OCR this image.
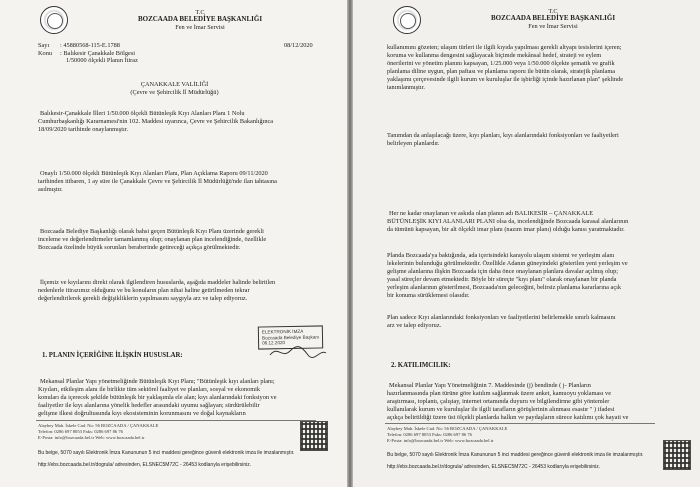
T.C
BOZCAADA BELEDİYE BAŞKANLIĞI
Fen ve İmar Servisi
Sayı : 45880568-115-E.1788	08/12/2020
Konu : Balıkesir Çanakkale Bölgesi
1/50000 ölçekli Planın İtiraz
ÇANAKKALE VALİLİĞİ
(Çevre ve Şehircilik İl Müdürlüğü)
Balıkesir-Çanakkale İlleri 1/50.000 ölçekli Bütünleşik Kıyı Alanları Planı 1 Nolu
Cumhurbaşkanlığı Kararnamesi'nin 102. Maddesi uyarınca, Çevre ve Şehircilik Bakanlığınca
18/09/2020 tarihinde onaylanmıştır.
Onaylı 1/50.000 ölçekli Bütünleşik Kıyı Alanları Planı, Plan Açıklama Raporu 09/11/2020
tarihinden itibaren, 1 ay süre ile Çanakkale Çevre ve Şehircilik İl Müdürlüğü'nde ilan tahtasına
asılmıştır.
Bozcaada Belediye Başkanlığı olarak bahsi geçen Bütünleşik Kıyı Planı üzerinde gerekli
inceleme ve değerlendirmeler tamamlanmış olup; onaylanan plan incelendiğinde, özellikle
Bozcaada özelinde büyük sorunları beraberinde getireceği açıkça görülmektedir.
İlçemiz ve kıyılarını direkt olarak ilgilendiren hususlarda, aşağıda maddeler halinde belirtilen
nedenlerle itirazımız olduğunu ve bu konuların plan nihai haline getirilmeden tekrar
değerlendirilerek gerekli değişikliklerin yapılmasını saygıyla arz ve talep ediyoruz.
ELEKTRONİK İMZA
Bozcaada Belediye Başkanı
08.12.2020
1. PLANIN İÇERİĞİNE İLİŞKİN HUSUSLAR:
Mekansal Planlar Yapı yönetmeliğinde Bütünleşik Kıyı Planı; "Bütünleşik kıyı alanları planı;
Kıyıları, etkileşim alanı ile birlikte tüm sektörel faaliyet ve planları, sosyal ve ekonomik
konuları da içerecek şekilde bütünleşik bir yaklaşımla ele alan; kıyı alanlarındaki fonksiyon ve
faaliyetler ile kıyı alanlarına yönelik hedefler arasındaki uyumu sağlayan; sürdürülebilir
gelişme ilkesi doğrultusunda kıyı ekosisteminin korunmasını ve doğal kaynakların
Alaybey Mah. İskele Cad. No: 56 BOZCAADA / ÇANAKKALE
Telefon: 0286 697 8053 Faks: 0286 697 86 76
E-Posta: info@bozcaada.bel.tr Web: www.bozcaada.bel.tr
Bu belge, 5070 sayılı Elektronik İmza Kanununun 5 inci maddesi gereğince güvenli elektronik imza ile imzalanmıştır.
http://ebs.bozcaada.bel.tr/dogrula/ adresinden, ELSNEC5M72C - 26453 kodlarıyla erişebilirsiniz.
T.C
BOZCAADA BELEDİYE BAŞKANLIĞI
Fen ve İmar Servisi
kullanımını gözeten; ulaşım türleri ile ilgili kıyıda yapılması gerekli altyapı tesislerini içeren;
koruma ve kullanma dengesini sağlayacak biçimde mekânsal hedef, strateji ve eylem
önerilerini ve yönetim planını kapsayan, 1/25.000 veya 1/50.000 ölçekte şematik ve grafik
planlama diline uygun, plan paftası ve planlama raporu ile bütün olarak, stratejik planlama
yaklaşımı çerçevesinde ilgili kurum ve kuruluşlar ile işbirliği içinde hazırlanan plan" şeklinde
tanımlanmıştır.
Tanımdan da anlaşılacağı üzere, kıyı planları, kıyı alanlarındaki fonksiyonları ve faaliyetleri
belirleyen planlardır.
Her ne kadar onaylanan ve askıda olan planın adı BALIKESİR – ÇANAKKALE
BÜTÜNLEŞİK KIYI ALANLARI PLANI olsa da, incelendiğinde Bozcaada karasal alanlarının
da tümünü kapsayan, bir alt ölçekli imar planı (nazım imar planı) olduğu kanısı yaratmaktadır.
Planda Bozcaada'ya baktığında, ada içerisindeki karayolu ulaşım sistemi ve yerleşim alanı
lekelerinin bulunduğu görülmektedir. Özellikle Adanın güneyindeki gösterilen yeni yerleşim ve
gelişme alanlarına ilişkin Bozcaada için daha önce onaylanan planlara davalar açılmış olup;
yasal süreçler devam etmektedir. Böyle bir süreçte "kıyı planı" olarak onaylanan bir planda
yerleşim alanlarının gösterilmesi, Bozcaada'nın geleceğini, belirsiz planlama kararlarına açık
bir konuma sürüklemesi olasıdır.
Plan sadece Kıyı alanlarındaki fonksiyonları ve faaliyetlerini belirlemekle sınırlı kalmasını
arz ve talep ediyoruz.
2. KATILIMCILIK:
Mekansal Planlar Yapı Yönetmeliğinin 7. Maddesinde (j) bendinde ( j- Planların
hazırlanmasında plan türüne göre katılım sağlanmak üzere anket, kamuoyu yoklaması ve
araştırması, toplantı, çalıştay, internet ortamında duyuru ve bilgilendirme gibi yöntemler
kullanılarak kurum ve kuruluşlar ile ilgili tarafların görüşlerinin alınması esastır " ) ifadesi
açıkça belirtildiği üzere üst ölçekli planlarda halkın ve paydaşların sürece katılımı çok hayati ve
Alaybey Mah. İskele Cad. No: 56 BOZCAADA / ÇANAKKALE
Telefon: 0286 697 8053 Faks: 0286 697 86 76
E-Posta: info@bozcaada.bel.tr Web: www.bozcaada.bel.tr
Bu belge, 5070 sayılı Elektronik İmza Kanununun 5 inci maddesi gereğince güvenli elektronik imza ile imzalanmıştır.
http://ebs.bozcaada.bel.tr/dogrula/ adresinden, ELSNEC5M72C - 26453 kodlarıyla erişebilirsiniz.
